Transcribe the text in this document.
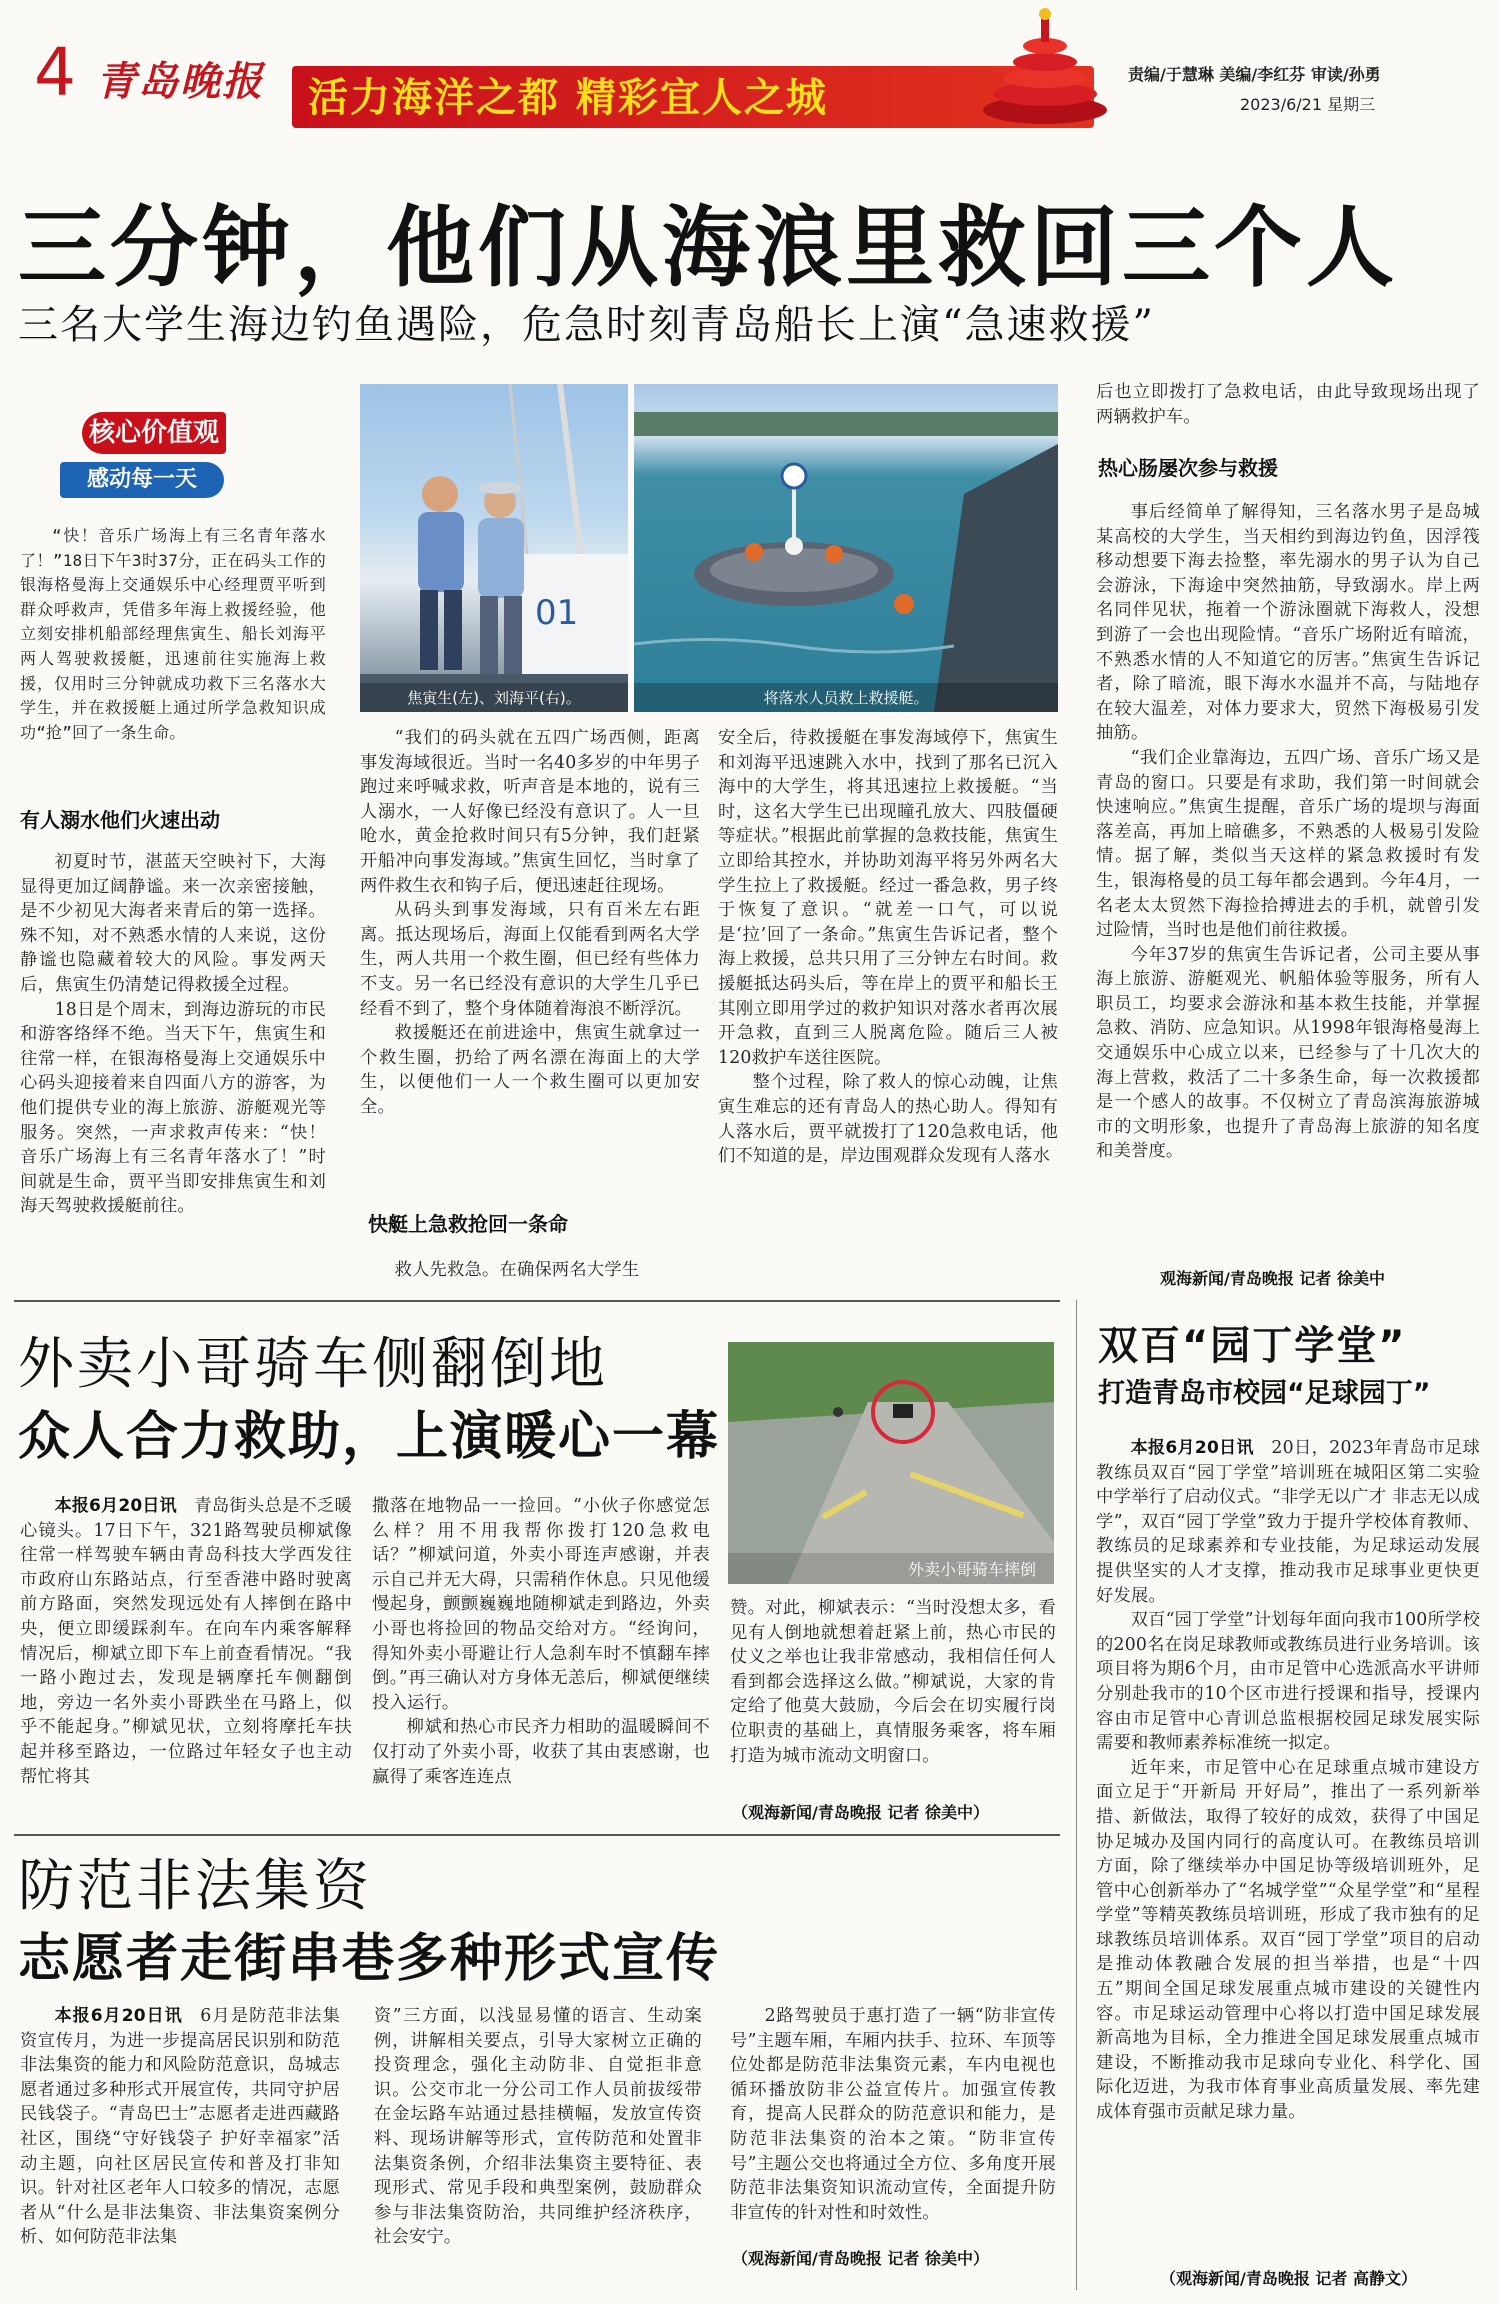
4 青岛晚报 活力海洋之都 精彩宜人之城
责编/于慧琳 美编/李红芬 审读/孙勇
2023/6/21 星期三
三分钟，他们从海浪里救回三个人
三名大学生海边钓鱼遇险，危急时刻青岛船长上演“急速救援”
核心价值观
感动每一天

“快！音乐广场海上有三名青年落水了！”18日下午3时37分，正在码头工作的银海格曼海上交通娱乐中心经理贾平听到群众呼救声，凭借多年海上救援经验，他立刻安排机船部经理焦寅生、船长刘海平两人驾驶救援艇，迅速前往实施海上救援，仅用时三分钟就成功救下三名落水大学生，并在救援艇上通过所学急救知识成功“抢”回了一条生命。

有人溺水他们火速出动

初夏时节，湛蓝天空映衬下，大海显得更加辽阔静谧。来一次亲密接触，是不少初见大海者来青后的第一选择。殊不知，对不熟悉水情的人来说，这份静谧也隐藏着较大的风险。事发两天后，焦寅生仍清楚记得救援全过程。

18日是个周末，到海边游玩的市民和游客络绎不绝。当天下午，焦寅生和往常一样，在银海格曼海上交通娱乐中心码头迎接着来自四面八方的游客，为他们提供专业的海上旅游、游艇观光等服务。突然，一声求救声传来：“快！音乐广场海上有三名青年落水了！”时间就是生命，贾平当即安排焦寅生和刘海天驾驶救援艇前往。

01
焦寅生(左)、刘海平(右)。	将落水人员救上救援艇。

“我们的码头就在五四广场西侧，距离事发海域很近。当时一名40多岁的中年男子跑过来呼喊求救，听声音是本地的，说有三人溺水，一人好像已经没有意识了。人一旦呛水，黄金抢救时间只有5分钟，我们赶紧开船冲向事发海域。”焦寅生回忆，当时拿了两件救生衣和钩子后，便迅速赶往现场。

从码头到事发海域，只有百米左右距离。抵达现场后，海面上仅能看到两名大学生，两人共用一个救生圈，但已经有些体力不支。另一名已经没有意识的大学生几乎已经看不到了，整个身体随着海浪不断浮沉。

救援艇还在前进途中，焦寅生就拿过一个救生圈，扔给了两名漂在海面上的大学生，以便他们一人一个救生圈可以更加安全。

快艇上急救抢回一条命

救人先救急。在确保两名大学生

安全后，待救援艇在事发海域停下，焦寅生和刘海平迅速跳入水中，找到了那名已沉入海中的大学生，将其迅速拉上救援艇。“当时，这名大学生已出现瞳孔放大、四肢僵硬等症状。”根据此前掌握的急救技能，焦寅生立即给其控水，并协助刘海平将另外两名大学生拉上了救援艇。经过一番急救，男子终于恢复了意识。“就差一口气，可以说是‘拉’回了一条命。”焦寅生告诉记者，整个海上救援，总共只用了三分钟左右时间。救援艇抵达码头后，等在岸上的贾平和船长王其刚立即用学过的救护知识对落水者再次展开急救，直到三人脱离危险。随后三人被120救护车送往医院。

整个过程，除了救人的惊心动魄，让焦寅生难忘的还有青岛人的热心助人。得知有人落水后，贾平就拨打了120急救电话，他们不知道的是，岸边围观群众发现有人落水

后也立即拨打了急救电话，由此导致现场出现了两辆救护车。

热心肠屡次参与救援

事后经简单了解得知，三名落水男子是岛城某高校的大学生，当天相约到海边钓鱼，因浮筏移动想要下海去捡整，率先溺水的男子认为自己会游泳，下海途中突然抽筋，导致溺水。岸上两名同伴见状，拖着一个游泳圈就下海救人，没想到游了一会也出现险情。“音乐广场附近有暗流，不熟悉水情的人不知道它的厉害。”焦寅生告诉记者，除了暗流，眼下海水水温并不高，与陆地存在较大温差，对体力要求大，贸然下海极易引发抽筋。

“我们企业靠海边，五四广场、音乐广场又是青岛的窗口。只要是有求助，我们第一时间就会快速响应。”焦寅生提醒，音乐广场的堤坝与海面落差高，再加上暗礁多，不熟悉的人极易引发险情。据了解，类似当天这样的紧急救援时有发生，银海格曼的员工每年都会遇到。今年4月，一名老太太贸然下海捡拾搏进去的手机，就曾引发过险情，当时也是他们前往救援。

今年37岁的焦寅生告诉记者，公司主要从事海上旅游、游艇观光、帆船体验等服务，所有人职员工，均要求会游泳和基本救生技能，并掌握急救、消防、应急知识。从1998年银海格曼海上交通娱乐中心成立以来，已经参与了十几次大的海上营救，救活了二十多条生命，每一次救援都是一个感人的故事。不仅树立了青岛滨海旅游城市的文明形象，也提升了青岛海上旅游的知名度和美誉度。

观海新闻/青岛晚报 记者 徐美中
外卖小哥骑车侧翻倒地
众人合力救助，上演暖心一幕
外卖小哥骑车摔倒

本报6月20日讯  青岛街头总是不乏暖心镜头。17日下午，321路驾驶员柳斌像往常一样驾驶车辆由青岛科技大学西发往市政府山东路站点，行至香港中路时驶离前方路面，突然发现远处有人摔倒在路中央，便立即缓踩刹车。在向车内乘客解释情况后，柳斌立即下车上前查看情况。“我一路小跑过去，发现是辆摩托车侧翻倒地，旁边一名外卖小哥跌坐在马路上，似乎不能起身。”柳斌见状，立刻将摩托车扶起并移至路边，一位路过年轻女子也主动帮忙将其

撒落在地物品一一捡回。“小伙子你感觉怎么样？用不用我帮你拨打120急救电话？”柳斌问道，外卖小哥连声感谢，并表示自己并无大碍，只需稍作休息。只见他缓慢起身，颤颤巍巍地随柳斌走到路边，外卖小哥也将捡回的物品交给对方。“经询问，得知外卖小哥避让行人急刹车时不慎翻车摔倒。”再三确认对方身体无恙后，柳斌便继续投入运行。

柳斌和热心市民齐力相助的温暖瞬间不仅打动了外卖小哥，收获了其由衷感谢，也赢得了乘客连连点

赞。对此，柳斌表示：“当时没想太多，看见有人倒地就想着赶紧上前，热心市民的仗义之举也让我非常感动，我相信任何人看到都会选择这么做。”柳斌说，大家的肯定给了他莫大鼓励，今后会在切实履行岗位职责的基础上，真情服务乘客，将车厢打造为城市流动文明窗口。

（观海新闻/青岛晚报 记者 徐美中）
防范非法集资
志愿者走街串巷多种形式宣传

本报6月20日讯  6月是防范非法集资宣传月，为进一步提高居民识别和防范非法集资的能力和风险防范意识，岛城志愿者通过多种形式开展宣传，共同守护居民钱袋子。“青岛巴士”志愿者走进西藏路社区，围绕“守好钱袋子 护好幸福家”活动主题，向社区居民宣传和普及打非知识。针对社区老年人口较多的情况，志愿者从“什么是非法集资、非法集资案例分析、如何防范非法集

资”三方面，以浅显易懂的语言、生动案例，讲解相关要点，引导大家树立正确的投资理念，强化主动防非、自觉拒非意识。公交市北一分公司工作人员前拔绥带在金坛路车站通过悬挂横幅，发放宣传资料、现场讲解等形式，宣传防范和处置非法集资条例，介绍非法集资主要特征、表现形式、常见手段和典型案例，鼓励群众参与非法集资防治，共同维护经济秩序，社会安宁。

2路驾驶员于惠打造了一辆“防非宣传号”主题车厢，车厢内扶手、拉环、车顶等位处都是防范非法集资元素，车内电视也循环播放防非公益宣传片。加强宣传教育，提高人民群众的防范意识和能力，是防范非法集资的治本之策。“防非宣传号”主题公交也将通过全方位、多角度开展防范非法集资知识流动宣传，全面提升防非宣传的针对性和时效性。

（观海新闻/青岛晚报 记者 徐美中）
双百“园丁学堂”
打造青岛市校园“足球园丁”

本报6月20日讯  20日，2023年青岛市足球教练员双百“园丁学堂”培训班在城阳区第二实验中学举行了启动仪式。“非学无以广才 非志无以成学”，双百“园丁学堂”致力于提升学校体育教师、教练员的足球素养和专业技能，为足球运动发展提供坚实的人才支撑，推动我市足球事业更快更好发展。

双百“园丁学堂”计划每年面向我市100所学校的200名在岗足球教师或教练员进行业务培训。该项目将为期6个月，由市足管中心选派高水平讲师分别赴我市的10个区市进行授课和指导，授课内容由市足管中心青训总监根据校园足球发展实际需要和教师素养标准统一拟定。

近年来，市足管中心在足球重点城市建设方面立足于“开新局 开好局”，推出了一系列新举措、新做法，取得了较好的成效，获得了中国足协足城办及国内同行的高度认可。在教练员培训方面，除了继续举办中国足协等级培训班外，足管中心创新举办了“名城学堂”“众星学堂”和“星程学堂”等精英教练员培训班，形成了我市独有的足球教练员培训体系。双百“园丁学堂”项目的启动是推动体教融合发展的担当举措，也是“十四五”期间全国足球发展重点城市建设的关键性内容。市足球运动管理中心将以打造中国足球发展新高地为目标，全力推进全国足球发展重点城市建设，不断推动我市足球向专业化、科学化、国际化迈进，为我市体育事业高质量发展、率先建成体育强市贡献足球力量。

（观海新闻/青岛晚报 记者 高静文）
